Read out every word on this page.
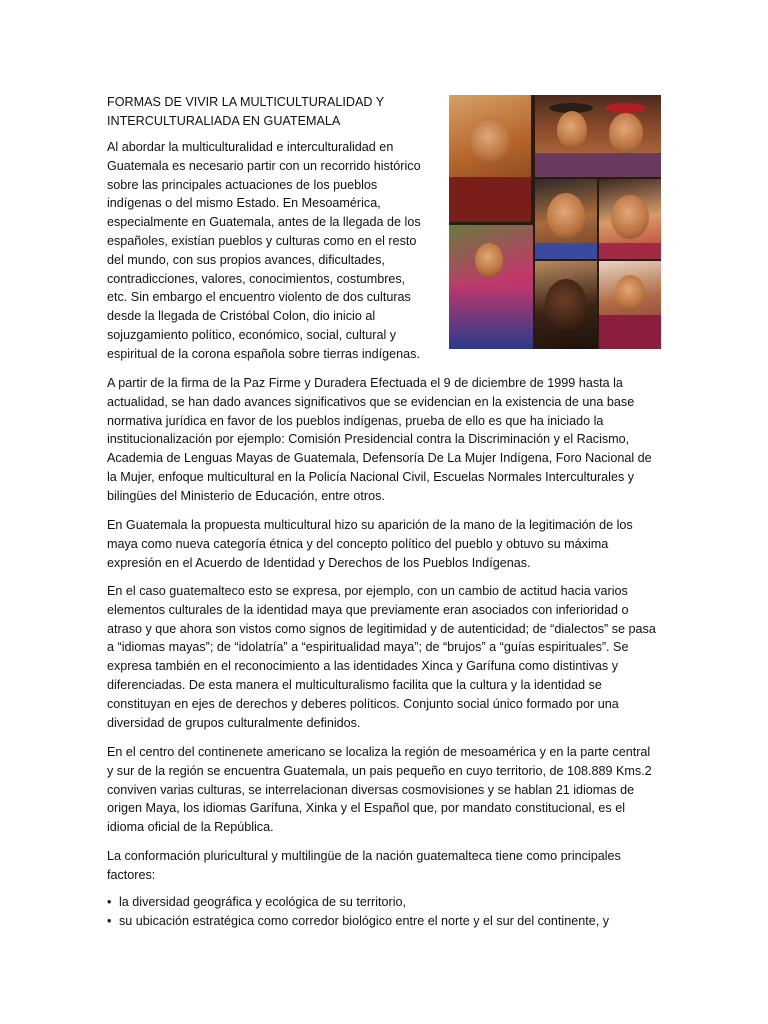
FORMAS DE VIVIR LA MULTICULTURALIDAD Y INTERCULTURALIADA EN GUATEMALA

Al abordar la multiculturalidad e interculturalidad en Guatemala es necesario partir con un recorrido histórico sobre las principales actuaciones de los pueblos indígenas o del mismo Estado. En Mesoamérica, especialmente en Guatemala, antes de la llegada de los españoles, existían pueblos y culturas como en el resto del mundo, con sus propios avances, dificultades, contradicciones, valores, conocimientos, costumbres, etc. Sin embargo el encuentro violento de dos culturas desde la llegada de Cristóbal Colon, dio inicio al sojuzgamiento político, económico, social, cultural y espiritual de la corona española sobre tierras indígenas.

A partir de la firma de la Paz Firme y Duradera Efectuada el 9 de diciembre de 1999 hasta la actualidad, se han dado avances significativos que se evidencian en la existencia de una base normativa jurídica en favor de los pueblos indígenas, prueba de ello es que ha iniciado la institucionalización por ejemplo: Comisión Presidencial contra la Discriminación y el Racismo, Academia de Lenguas Mayas de Guatemala, Defensoría De La Mujer Indígena, Foro Nacional de la Mujer, enfoque multicultural en la Policía Nacional Civil, Escuelas Normales Interculturales y bilingües del Ministerio de Educación, entre otros.

En Guatemala la propuesta multicultural hizo su aparición de la mano de la legitimación de los maya como nueva categoría étnica y del concepto político del pueblo y obtuvo su máxima expresión en el Acuerdo de Identidad y Derechos de los Pueblos Indígenas.

En el caso guatemalteco esto se expresa, por ejemplo, con un cambio de actitud hacia varios elementos culturales de la identidad maya que previamente eran asociados con inferioridad o atraso y que ahora son vistos como signos de legitimidad y de autenticidad; de “dialectos” se pasa a “idiomas mayas”; de “idolatría” a “espiritualidad maya”; de “brujos” a “guías espirituales”. Se expresa también en el reconocimiento a las identidades Xinca y Garífuna como distintivas y diferenciadas. De esta manera el multiculturalismo facilita que la cultura y la identidad se constituyan en ejes de derechos y deberes políticos. Conjunto social único formado por una diversidad de grupos culturalmente definidos.

En el centro del continenete americano se localiza la región de mesoamérica y en la parte central y sur de la región se encuentra Guatemala, un pais pequeño en cuyo territorio, de 108.889 Kms.2 conviven varias culturas, se interrelacionan diversas cosmovisiones y se hablan 21 idiomas de origen Maya, los idiomas Garífuna, Xinka y el Español que, por mandato constitucional, es el idioma oficial de la República.

La conformación pluricultural y multilingüe de la nación guatemalteca tiene como principales factores:

• la diversidad geográfica y ecológica de su territorio,
• su ubicación estratégica como corredor biológico entre el norte y el sur del continente, y
